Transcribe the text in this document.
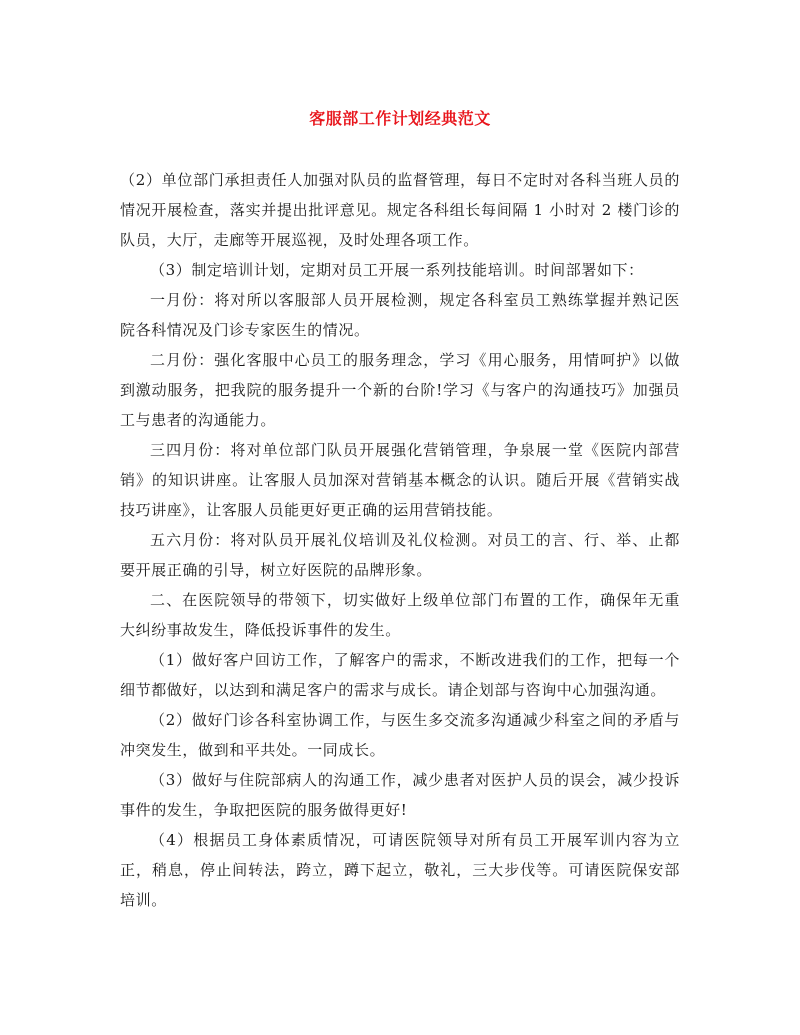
客服部工作计划经典范文

（2）单位部门承担责任人加强对队员的监督管理，每日不定时对各科当班人员的情况开展检查，落实并提出批评意见。规定各科组长每间隔 1 小时对 2 楼门诊的队员，大厅，走廊等开展巡视，及时处理各项工作。

（3）制定培训计划，定期对员工开展一系列技能培训。时间部署如下：

一月份：将对所以客服部人员开展检测，规定各科室员工熟练掌握并熟记医院各科情况及门诊专家医生的情况。

二月份：强化客服中心员工的服务理念，学习《用心服务，用情呵护》以做到激动服务，把我院的服务提升一个新的台阶!学习《与客户的沟通技巧》加强员工与患者的沟通能力。

三四月份：将对单位部门队员开展强化营销管理，争泉展一堂《医院内部营销》的知识讲座。让客服人员加深对营销基本概念的认识。随后开展《营销实战技巧讲座》，让客服人员能更好更正确的运用营销技能。

五六月份：将对队员开展礼仪培训及礼仪检测。对员工的言、行、举、止都要开展正确的引导，树立好医院的品牌形象。

二、在医院领导的带领下，切实做好上级单位部门布置的工作，确保年无重大纠纷事故发生，降低投诉事件的发生。

（1）做好客户回访工作，了解客户的需求，不断改进我们的工作，把每一个细节都做好，以达到和满足客户的需求与成长。请企划部与咨询中心加强沟通。

（2）做好门诊各科室协调工作，与医生多交流多沟通减少科室之间的矛盾与冲突发生，做到和平共处。一同成长。

（3）做好与住院部病人的沟通工作，减少患者对医护人员的误会，减少投诉事件的发生，争取把医院的服务做得更好!

（4）根据员工身体素质情况，可请医院领导对所有员工开展军训内容为立正，稍息，停止间转法，跨立，蹲下起立，敬礼，三大步伐等。可请医院保安部培训。
